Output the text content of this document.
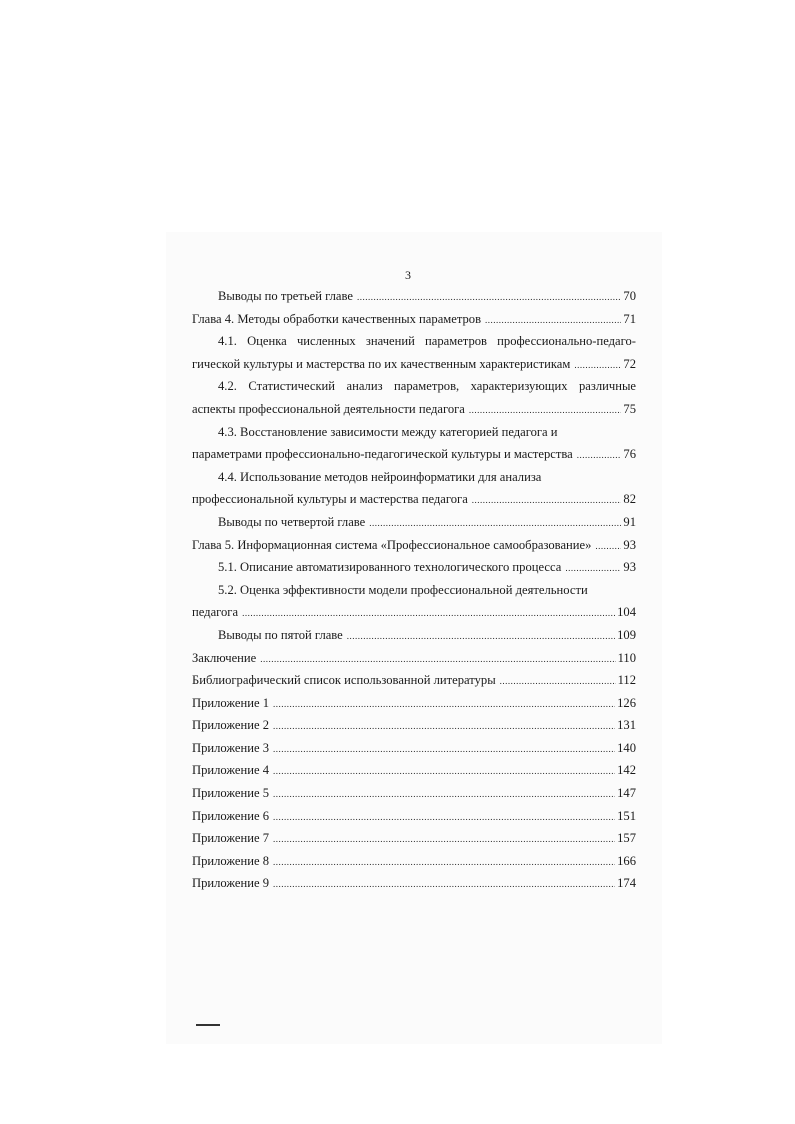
3
Выводы по третьей главе .....	70
Глава 4. Методы обработки качественных параметров .....	71
4.1. Оценка численных значений параметров профессионально-педаго-
гической культуры и мастерства по их качественным характеристикам .....	72
4.2. Статистический анализ параметров, характеризующих различные
аспекты профессиональной деятельности педагога .....	75
4.3. Восстановление зависимости между категорией педагога и
параметрами профессионально-педагогической культуры и мастерства .....	76
4.4. Использование методов нейроинформатики для анализа
профессиональной культуры и мастерства педагога .....	82
Выводы по четвертой главе .....	91
Глава 5. Информационная система «Профессиональное самообразование» .....	93
5.1. Описание автоматизированного технологического процесса .....	93
5.2. Оценка эффективности модели профессиональной деятельности
педагога .....	104
Выводы по пятой главе .....	109
Заключение .....	110
Библиографический список использованной литературы .....	112
Приложение 1 .....	126
Приложение 2 .....	131
Приложение 3 .....	140
Приложение 4 .....	142
Приложение 5 .....	147
Приложение 6 .....	151
Приложение 7 .....	157
Приложение 8 .....	166
Приложение 9 .....	174
